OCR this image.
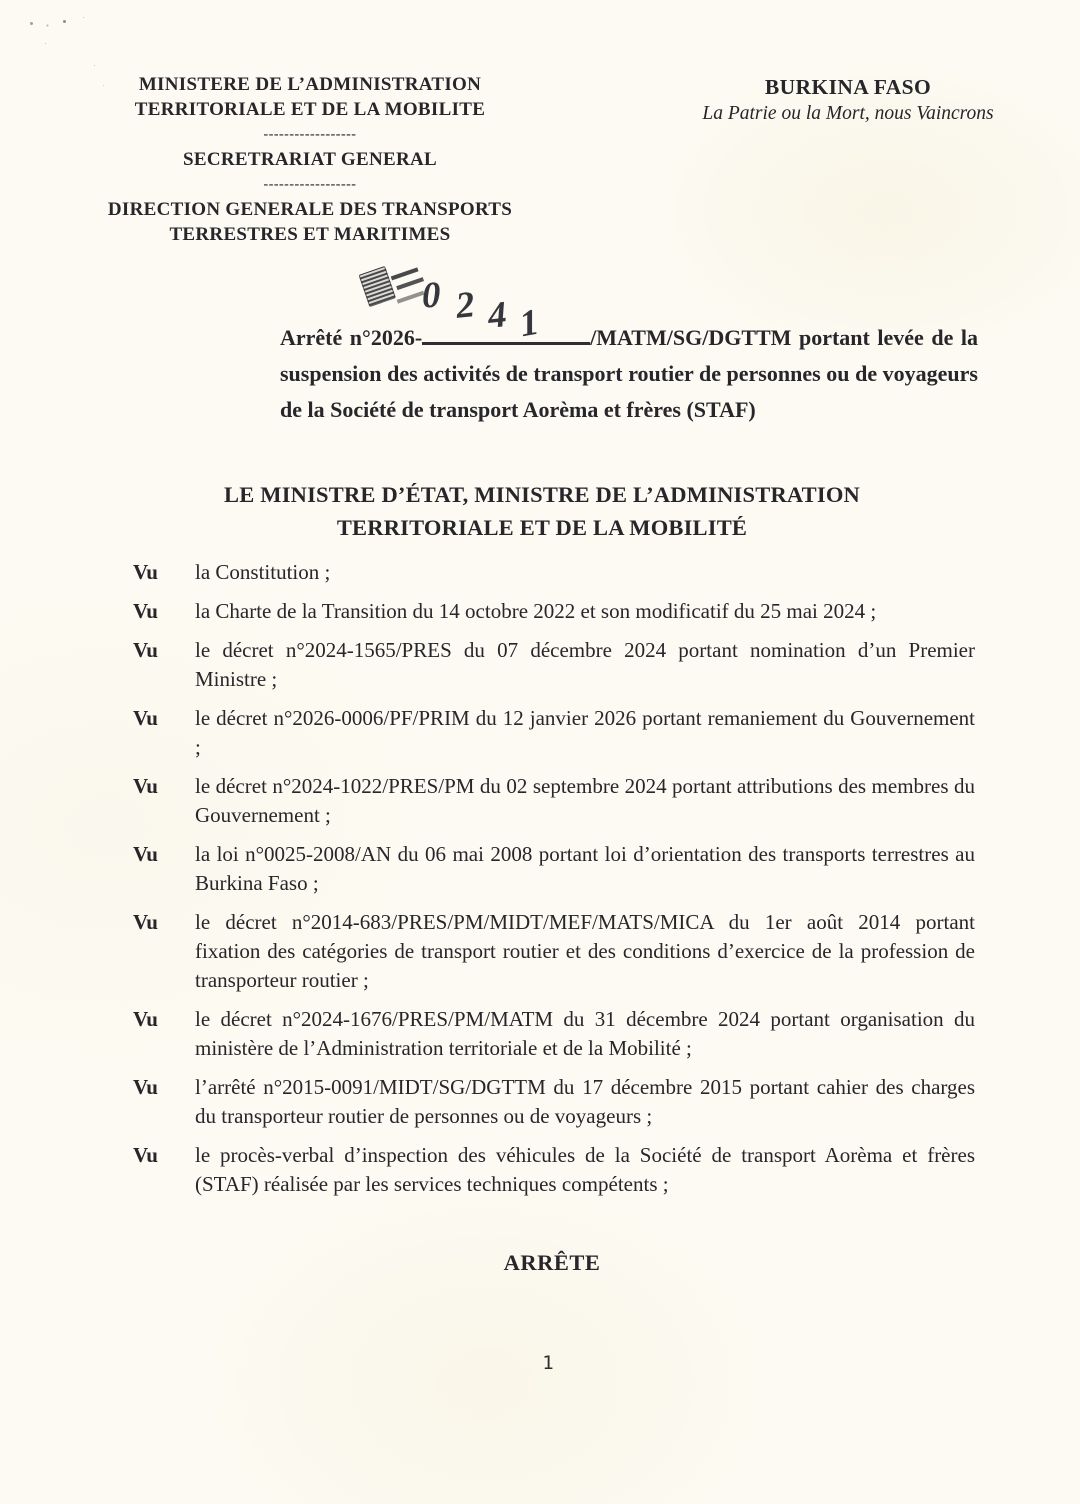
MINISTERE DE L’ADMINISTRATION
TERRITORIALE ET DE LA MOBILITE
------------------
SECRETRARIAT GENERAL
------------------
DIRECTION GENERALE DES TRANSPORTS
TERRESTRES ET MARITIMES
BURKINA FASO
La Patrie ou la Mort, nous Vaincrons
0 2 4 1

Arrêté n°2026-	/MATM/SG/DGTTM portant levée de la suspension des activités de transport routier de personnes ou de voyageurs de la Société de transport Aorèma et frères (STAF)

LE MINISTRE D’ÉTAT, MINISTRE DE L’ADMINISTRATION
TERRITORIALE ET DE LA MOBILITÉ
Vu	la Constitution ;
Vu	la Charte de la Transition du 14 octobre 2022 et son modificatif du 25 mai 2024 ;
Vu	le décret n°2024-1565/PRES du 07 décembre 2024 portant nomination d’un Premier Ministre ;
Vu	le décret n°2026-0006/PF/PRIM du 12 janvier 2026 portant remaniement du Gouvernement ;
Vu	le décret n°2024-1022/PRES/PM du 02 septembre 2024 portant attributions des membres du Gouvernement ;
Vu	la loi n°0025-2008/AN du 06 mai 2008 portant loi d’orientation des transports terrestres au Burkina Faso ;
Vu	le décret n°2014-683/PRES/PM/MIDT/MEF/MATS/MICA du 1er août 2014 portant fixation des catégories de transport routier et des conditions d’exercice de la profession de transporteur routier ;
Vu	le décret n°2024-1676/PRES/PM/MATM du 31 décembre 2024 portant organisation du ministère de l’Administration territoriale et de la Mobilité ;
Vu	l’arrêté n°2015-0091/MIDT/SG/DGTTM du 17 décembre 2015 portant cahier des charges du transporteur routier de personnes ou de voyageurs ;
Vu	le procès-verbal d’inspection des véhicules de la Société de transport Aorèma et frères (STAF) réalisée par les services techniques compétents ;
ARRÊTE
1
